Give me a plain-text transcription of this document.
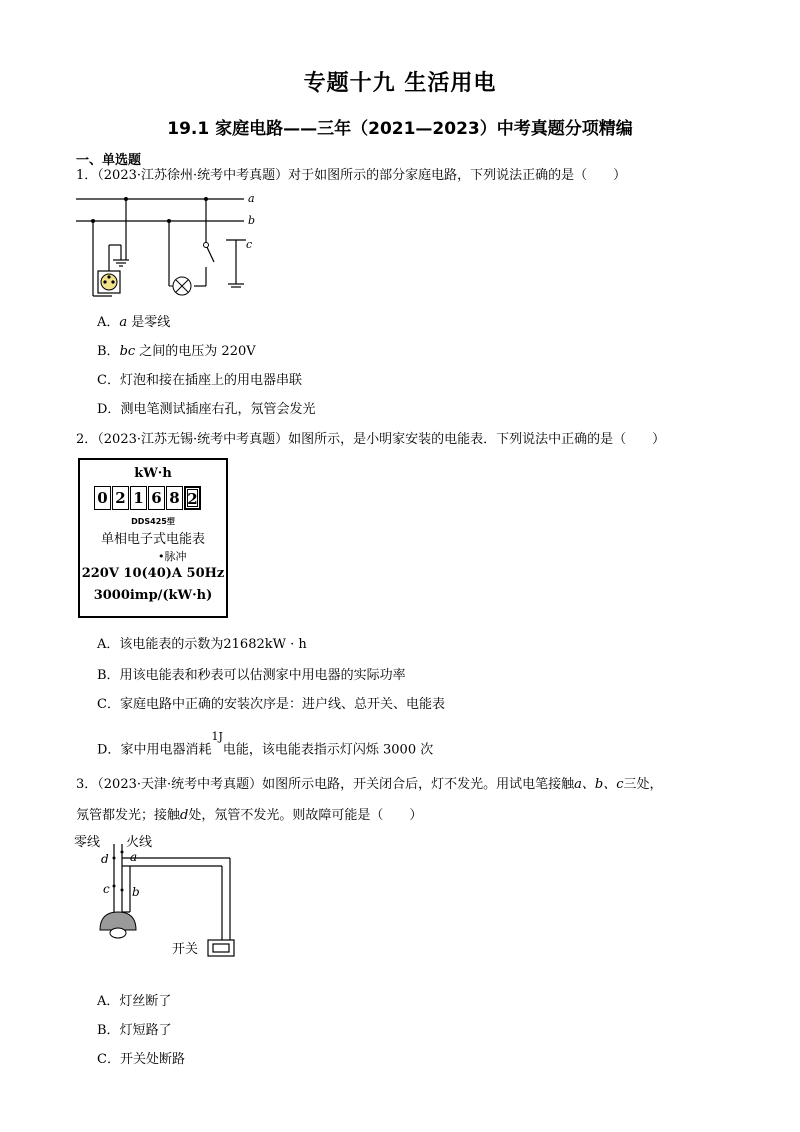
专题十九 生活用电
19.1 家庭电路——三年（2021—2023）中考真题分项精编
一、单选题
1．（2023·江苏徐州·统考中考真题）对于如图所示的部分家庭电路，下列说法正确的是（　　）
a
b
c
A．a 是零线
B．bc 之间的电压为 220V
C．灯泡和接在插座上的用电器串联
D．测电笔测试插座右孔，氖管会发光
2．（2023·江苏无锡·统考中考真题）如图所示，是小明家安装的电能表．下列说法中正确的是（　　）
kW·h
0 2 1 6 8 2
DDS425型
单相电子式电能表
•脉冲
220V 10(40)A 50Hz
3000imp/(kW·h)
A．该电能表的示数为21682kW · h
B．用该电能表和秒表可以估测家中用电器的实际功率
C．家庭电路中正确的安装次序是：进户线、总开关、电能表
D．家中用电器消耗$^{1J}$电能，该电能表指示灯闪烁 3000 次
3．（2023·天津·统考中考真题）如图所示电路，开关闭合后，灯不发光。用试电笔接触a、b、c三处，
氖管都发光；接触d处，氖管不发光。则故障可能是（　　）
零线 火线
d a
c b
开关
A．灯丝断了
B．灯短路了
C．开关处断路
